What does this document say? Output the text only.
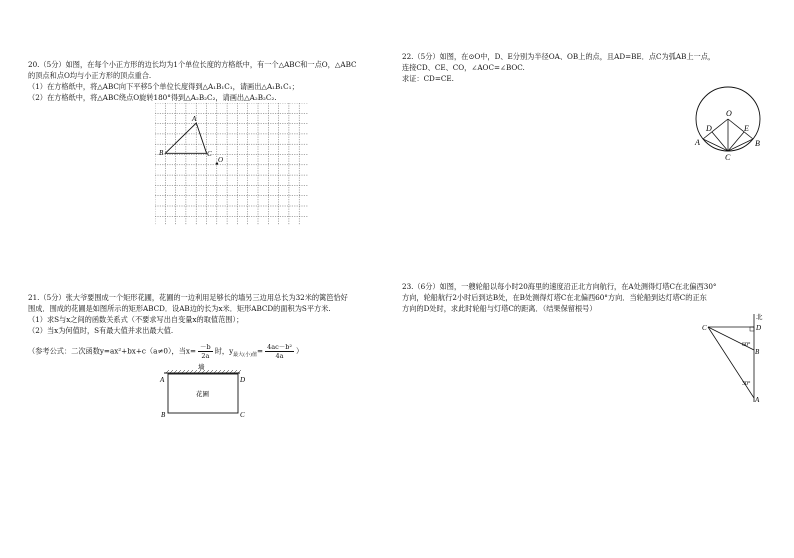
20.（5分）如图，在每个小正方形的边长均为1个单位长度的方格纸中，有一个△ABC和一点O，△ABC
的顶点和点O均与小正方形的顶点重合.
（1）在方格纸中，将△ABC向下平移5个单位长度得到△A₁B₁C₁，请画出△A₁B₁C₁；
（2）在方格纸中，将△ABC绕点O旋转180°得到△A₂B₂C₂，请画出△A₂B₂C₂.
A
B	C
O
21.（5分）张大爷要围成一个矩形花圃，花圃的一边利用足够长的墙另三边用总长为32米的篱笆恰好
围成．围成的花圃是如图所示的矩形ABCD．设AB边的长为x米．矩形ABCD的面积为S平方米.
（1）求S与x之间的函数关系式（不要求写出自变量x的取值范围）；
（2）当x为何值时，S有最大值并求出最大值.
（参考公式：二次函数y=ax²+bx+c（a≠0），当$x= \frac{-b}{2a}$ 时，$y_{最大(小)值}= \frac{\text{4ac－b²}}{4a}$ ）
墙
花圃
A	D
B	C
22.（5分）如图，在⊙O中，D、E分别为半径OA、OB上的点，且AD=BE．点C为弧AB上一点，
连接CD、CE、CO，∠AOC=∠BOC.
求证：CD=CE.
O
D	E
A	B
C
23.（6分）如图，一艘轮船以每小时20海里的速度沿正北方向航行，在A处测得灯塔C在北偏西30°
方向，轮船航行2小时后到达B处，在B处测得灯塔C在北偏西60°方向．当轮船到达灯塔C的正东
方向的D处时，求此时轮船与灯塔C的距离．（结果保留根号）
北
C	D
B
A
60°
30°
